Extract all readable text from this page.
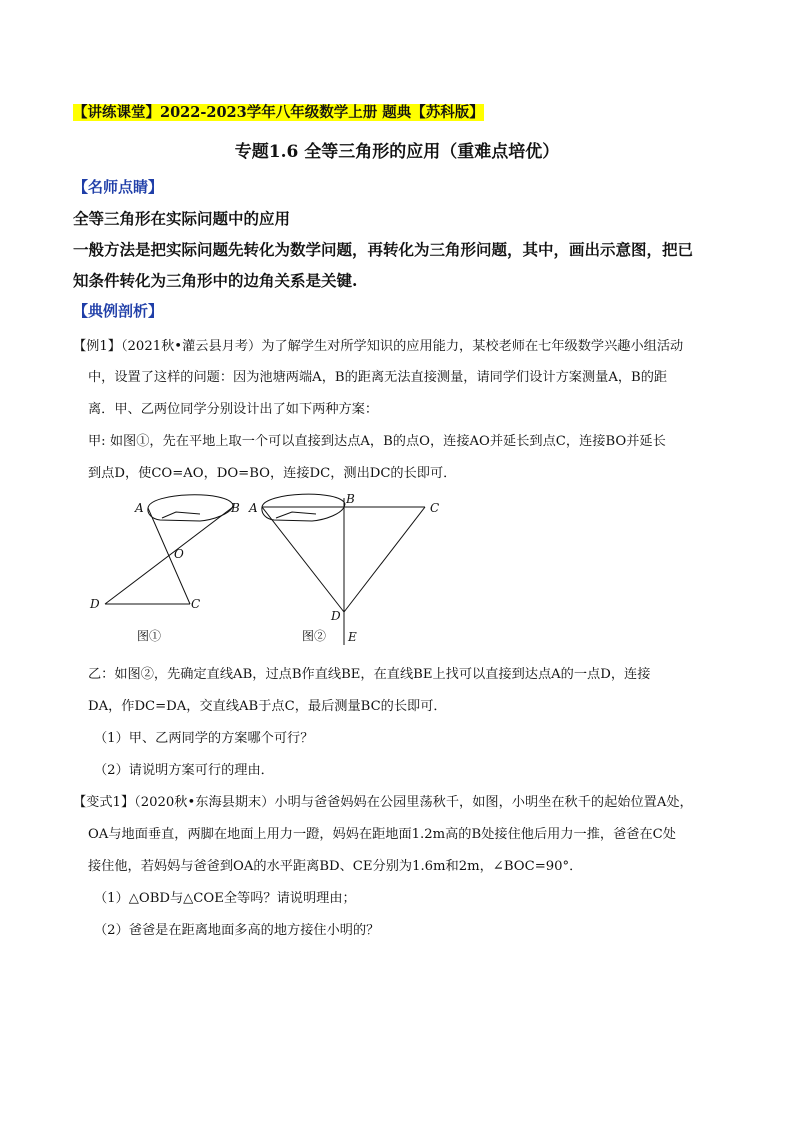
【讲练课堂】2022-2023学年八年级数学上册 题典【苏科版】
专题1.6 全等三角形的应用（重难点培优）
【名师点睛】
全等三角形在实际问题中的应用
一般方法是把实际问题先转化为数学问题，再转化为三角形问题，其中，画出示意图，把已
知条件转化为三角形中的边角关系是关键.
【典例剖析】
【例1】（2021秋•灌云县月考）为了解学生对所学知识的应用能力，某校老师在七年级数学兴趣小组活动
中，设置了这样的问题：因为池塘两端A，B的距离无法直接测量，请同学们设计方案测量A，B的距
离．甲、乙两位同学分别设计出了如下两种方案：
甲: 如图①，先在平地上取一个可以直接到达点A，B的点O，连接AO并延长到点C，连接BO并延长
到点D，使CO=AO，DO=BO，连接DC，测出DC的长即可．
A	B
O
C
D
图①
A
B
C
D
E
图②
乙：如图②，先确定直线AB，过点B作直线BE，在直线BE上找可以直接到达点A的一点D，连接
DA，作DC=DA，交直线AB于点C，最后测量BC的长即可．
（1）甲、乙两同学的方案哪个可行？
（2）请说明方案可行的理由．
【变式1】（2020秋•东海县期末）小明与爸爸妈妈在公园里荡秋千，如图，小明坐在秋千的起始位置A处，
OA与地面垂直，两脚在地面上用力一蹬，妈妈在距地面1.2m高的B处接住他后用力一推，爸爸在C处
接住他，若妈妈与爸爸到OA的水平距离BD、CE分别为1.6m和2m，∠BOC=90°．
（1）△OBD与△COE全等吗？请说明理由；
（2）爸爸是在距离地面多高的地方接住小明的？
